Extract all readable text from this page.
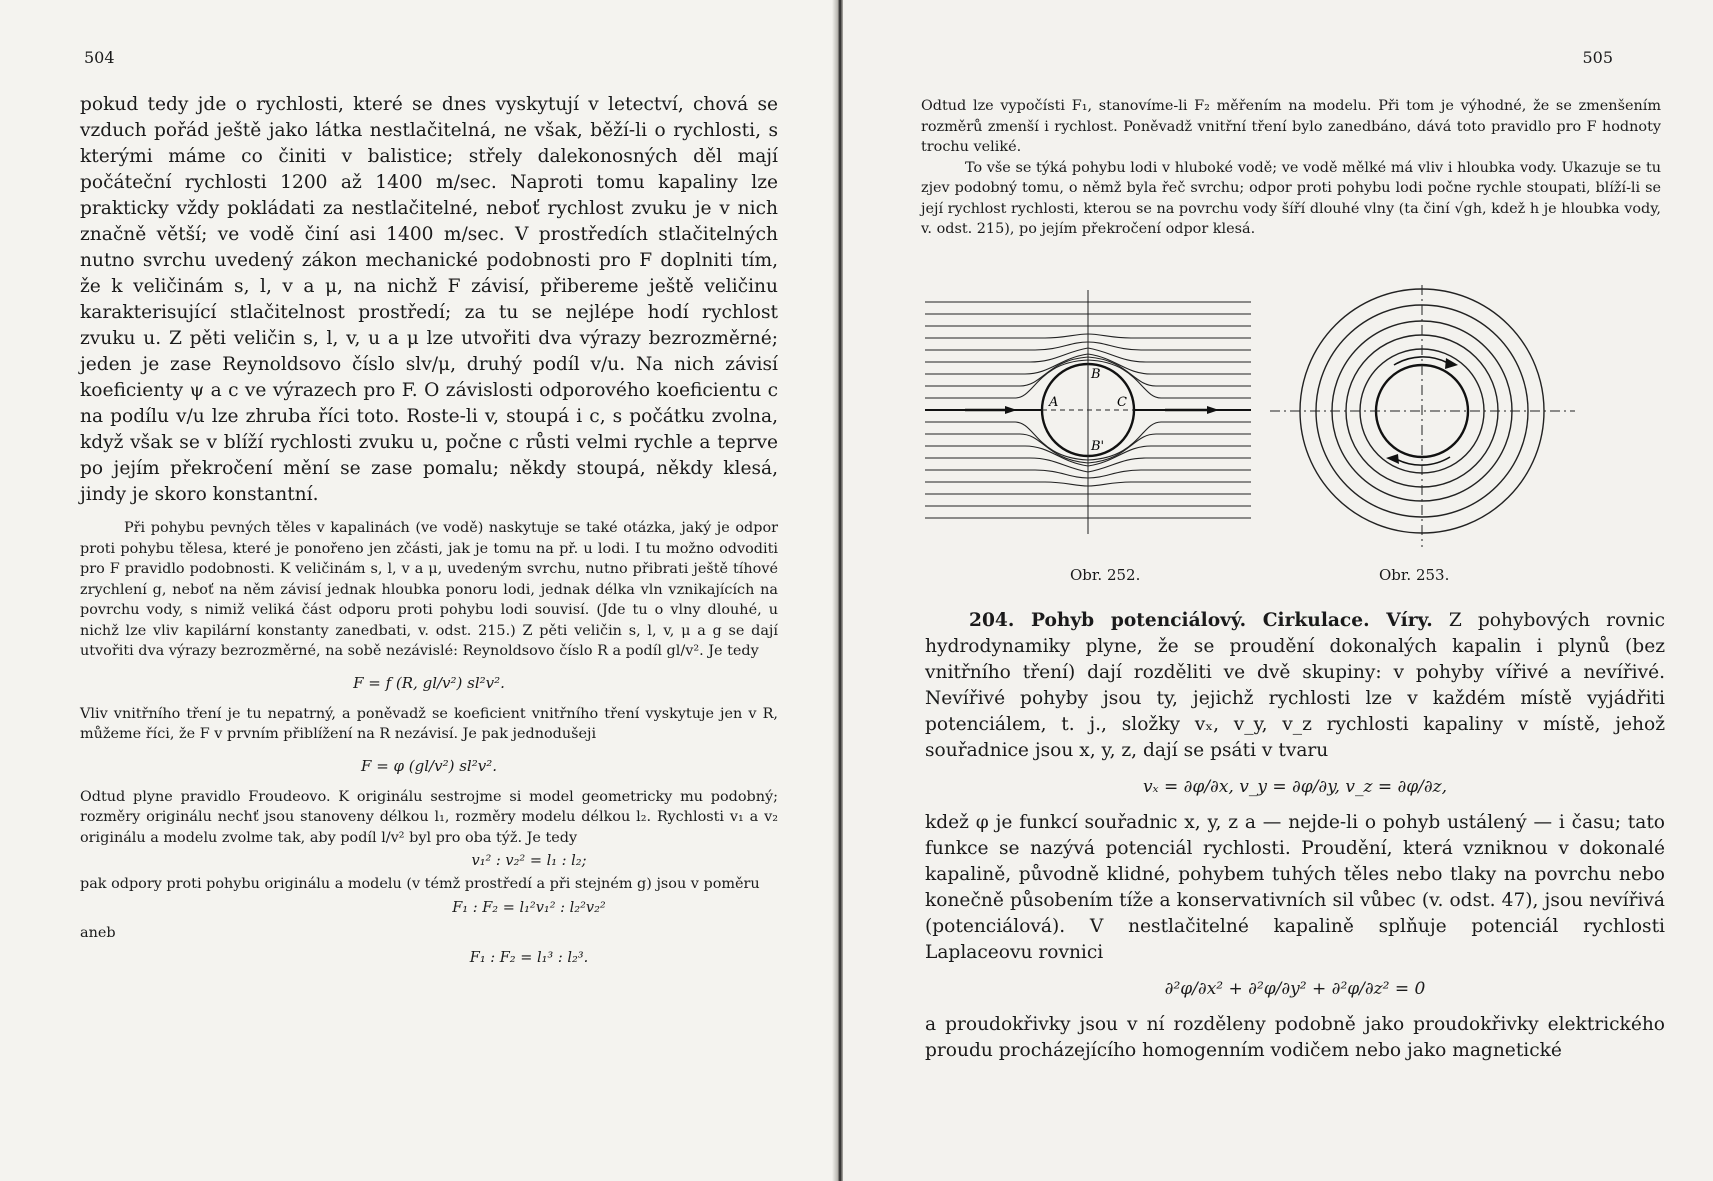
504

pokud tedy jde o rychlosti, které se dnes vyskytují v letectví, chová se vzduch pořád ještě jako látka nestlačitelná, ne však, běží-li o rychlosti, s kterými máme co činiti v balistice; střely dalekonosných děl mají počáteční rychlosti 1200 až 1400 m/sec. Naproti tomu kapaliny lze prakticky vždy pokládati za nestlačitelné, neboť rychlost zvuku je v nich značně větší; ve vodě činí asi 1400 m/sec. V prostředích stlačitelných nutno svrchu uvedený zákon mechanické podobnosti pro F doplniti tím, že k veličinám s, l, v a μ, na nichž F závisí, přibereme ještě veličinu karakterisující stlačitelnost prostředí; za tu se nejlépe hodí rychlost zvuku u. Z pěti veličin s, l, v, u a μ lze utvořiti dva výrazy bezrozměrné; jeden je zase Reynoldsovo číslo slv/μ, druhý podíl v/u. Na nich závisí koeficienty ψ a c ve výrazech pro F. O závislosti odporového koeficientu c na podílu v/u lze zhruba říci toto. Roste-li v, stoupá i c, s počátku zvolna, když však se v blíží rychlosti zvuku u, počne c růsti velmi rychle a teprve po jejím překročení mění se zase pomalu; někdy stoupá, někdy klesá, jindy je skoro konstantní.

Při pohybu pevných těles v kapalinách (ve vodě) naskytuje se také otázka, jaký je odpor proti pohybu tělesa, které je ponořeno jen zčásti, jak je tomu na př. u lodi. I tu možno odvoditi pro F pravidlo podobnosti. K veličinám s, l, v a μ, uvedeným svrchu, nutno přibrati ještě tíhové zrychlení g, neboť na něm závisí jednak hloubka ponoru lodi, jednak délka vln vznikajících na povrchu vody, s nimiž veliká část odporu proti pohybu lodi souvisí. (Jde tu o vlny dlouhé, u nichž lze vliv kapilární konstanty zanedbati, v. odst. 215.) Z pěti veličin s, l, v, μ a g se dají utvořiti dva výrazy bezrozměrné, na sobě nezávislé: Reynoldsovo číslo R a podíl gl/v². Je tedy

F = f (R, gl/v²) sl²v².

Vliv vnitřního tření je tu nepatrný, a poněvadž se koeficient vnitřního tření vyskytuje jen v R, můžeme říci, že F v prvním přiblížení na R nezávisí. Je pak jednodušeji

F = φ (gl/v²) sl²v².

Odtud plyne pravidlo Froudeovo. K originálu sestrojme si model geometricky mu podobný; rozměry originálu nechť jsou stanoveny délkou l₁, rozměry modelu délkou l₂. Rychlosti v₁ a v₂ originálu a modelu zvolme tak, aby podíl l/v² byl pro oba týž. Je tedy

v₁² : v₂² = l₁ : l₂;

pak odpory proti pohybu originálu a modelu (v témž prostředí a při stejném g) jsou v poměru

F₁ : F₂ = l₁²v₁² : l₂²v₂²
aneb
F₁ : F₂ = l₁³ : l₂³.
505

Odtud lze vypočísti F₁, stanovíme-li F₂ měřením na modelu. Při tom je výhodné, že se zmenšením rozměrů zmenší i rychlost. Poněvadž vnitřní tření bylo zanedbáno, dává toto pravidlo pro F hodnoty trochu veliké.

To vše se týká pohybu lodi v hluboké vodě; ve vodě mělké má vliv i hloubka vody. Ukazuje se tu zjev podobný tomu, o němž byla řeč svrchu; odpor proti pohybu lodi počne rychle stoupati, blíží-li se její rychlost rychlosti, kterou se na povrchu vody šíří dlouhé vlny (ta činí √gh, kdež h je hloubka vody, v. odst. 215), po jejím překročení odpor klesá.

B
A	C
B'
Obr. 252.	Obr. 253.

204. Pohyb potenciálový. Cirkulace. Víry. Z pohybových rovnic hydrodynamiky plyne, že se proudění dokonalých kapalin i plynů (bez vnitřního tření) dají rozděliti ve dvě skupiny: v pohyby vířivé a nevířivé. Nevířivé pohyby jsou ty, jejichž rychlosti lze v každém místě vyjádřiti potenciálem, t. j., složky vₓ, v_y, v_z rychlosti kapaliny v místě, jehož souřadnice jsou x, y, z, dají se psáti v tvaru

vₓ = ∂φ/∂x, v_y = ∂φ/∂y, v_z = ∂φ/∂z,

kdež φ je funkcí souřadnic x, y, z a — nejde-li o pohyb ustálený — i času; tato funkce se nazývá potenciál rychlosti. Proudění, která vzniknou v dokonalé kapalině, původně klidné, pohybem tuhých těles nebo tlaky na povrchu nebo konečně působením tíže a konservativních sil vůbec (v. odst. 47), jsou nevířivá (potenciálová). V nestlačitelné kapalině splňuje potenciál rychlosti Laplaceovu rovnici

∂²φ/∂x² + ∂²φ/∂y² + ∂²φ/∂z² = 0

a proudokřivky jsou v ní rozděleny podobně jako proudokřivky elektrického proudu procházejícího homogenním vodičem nebo jako magnetické
